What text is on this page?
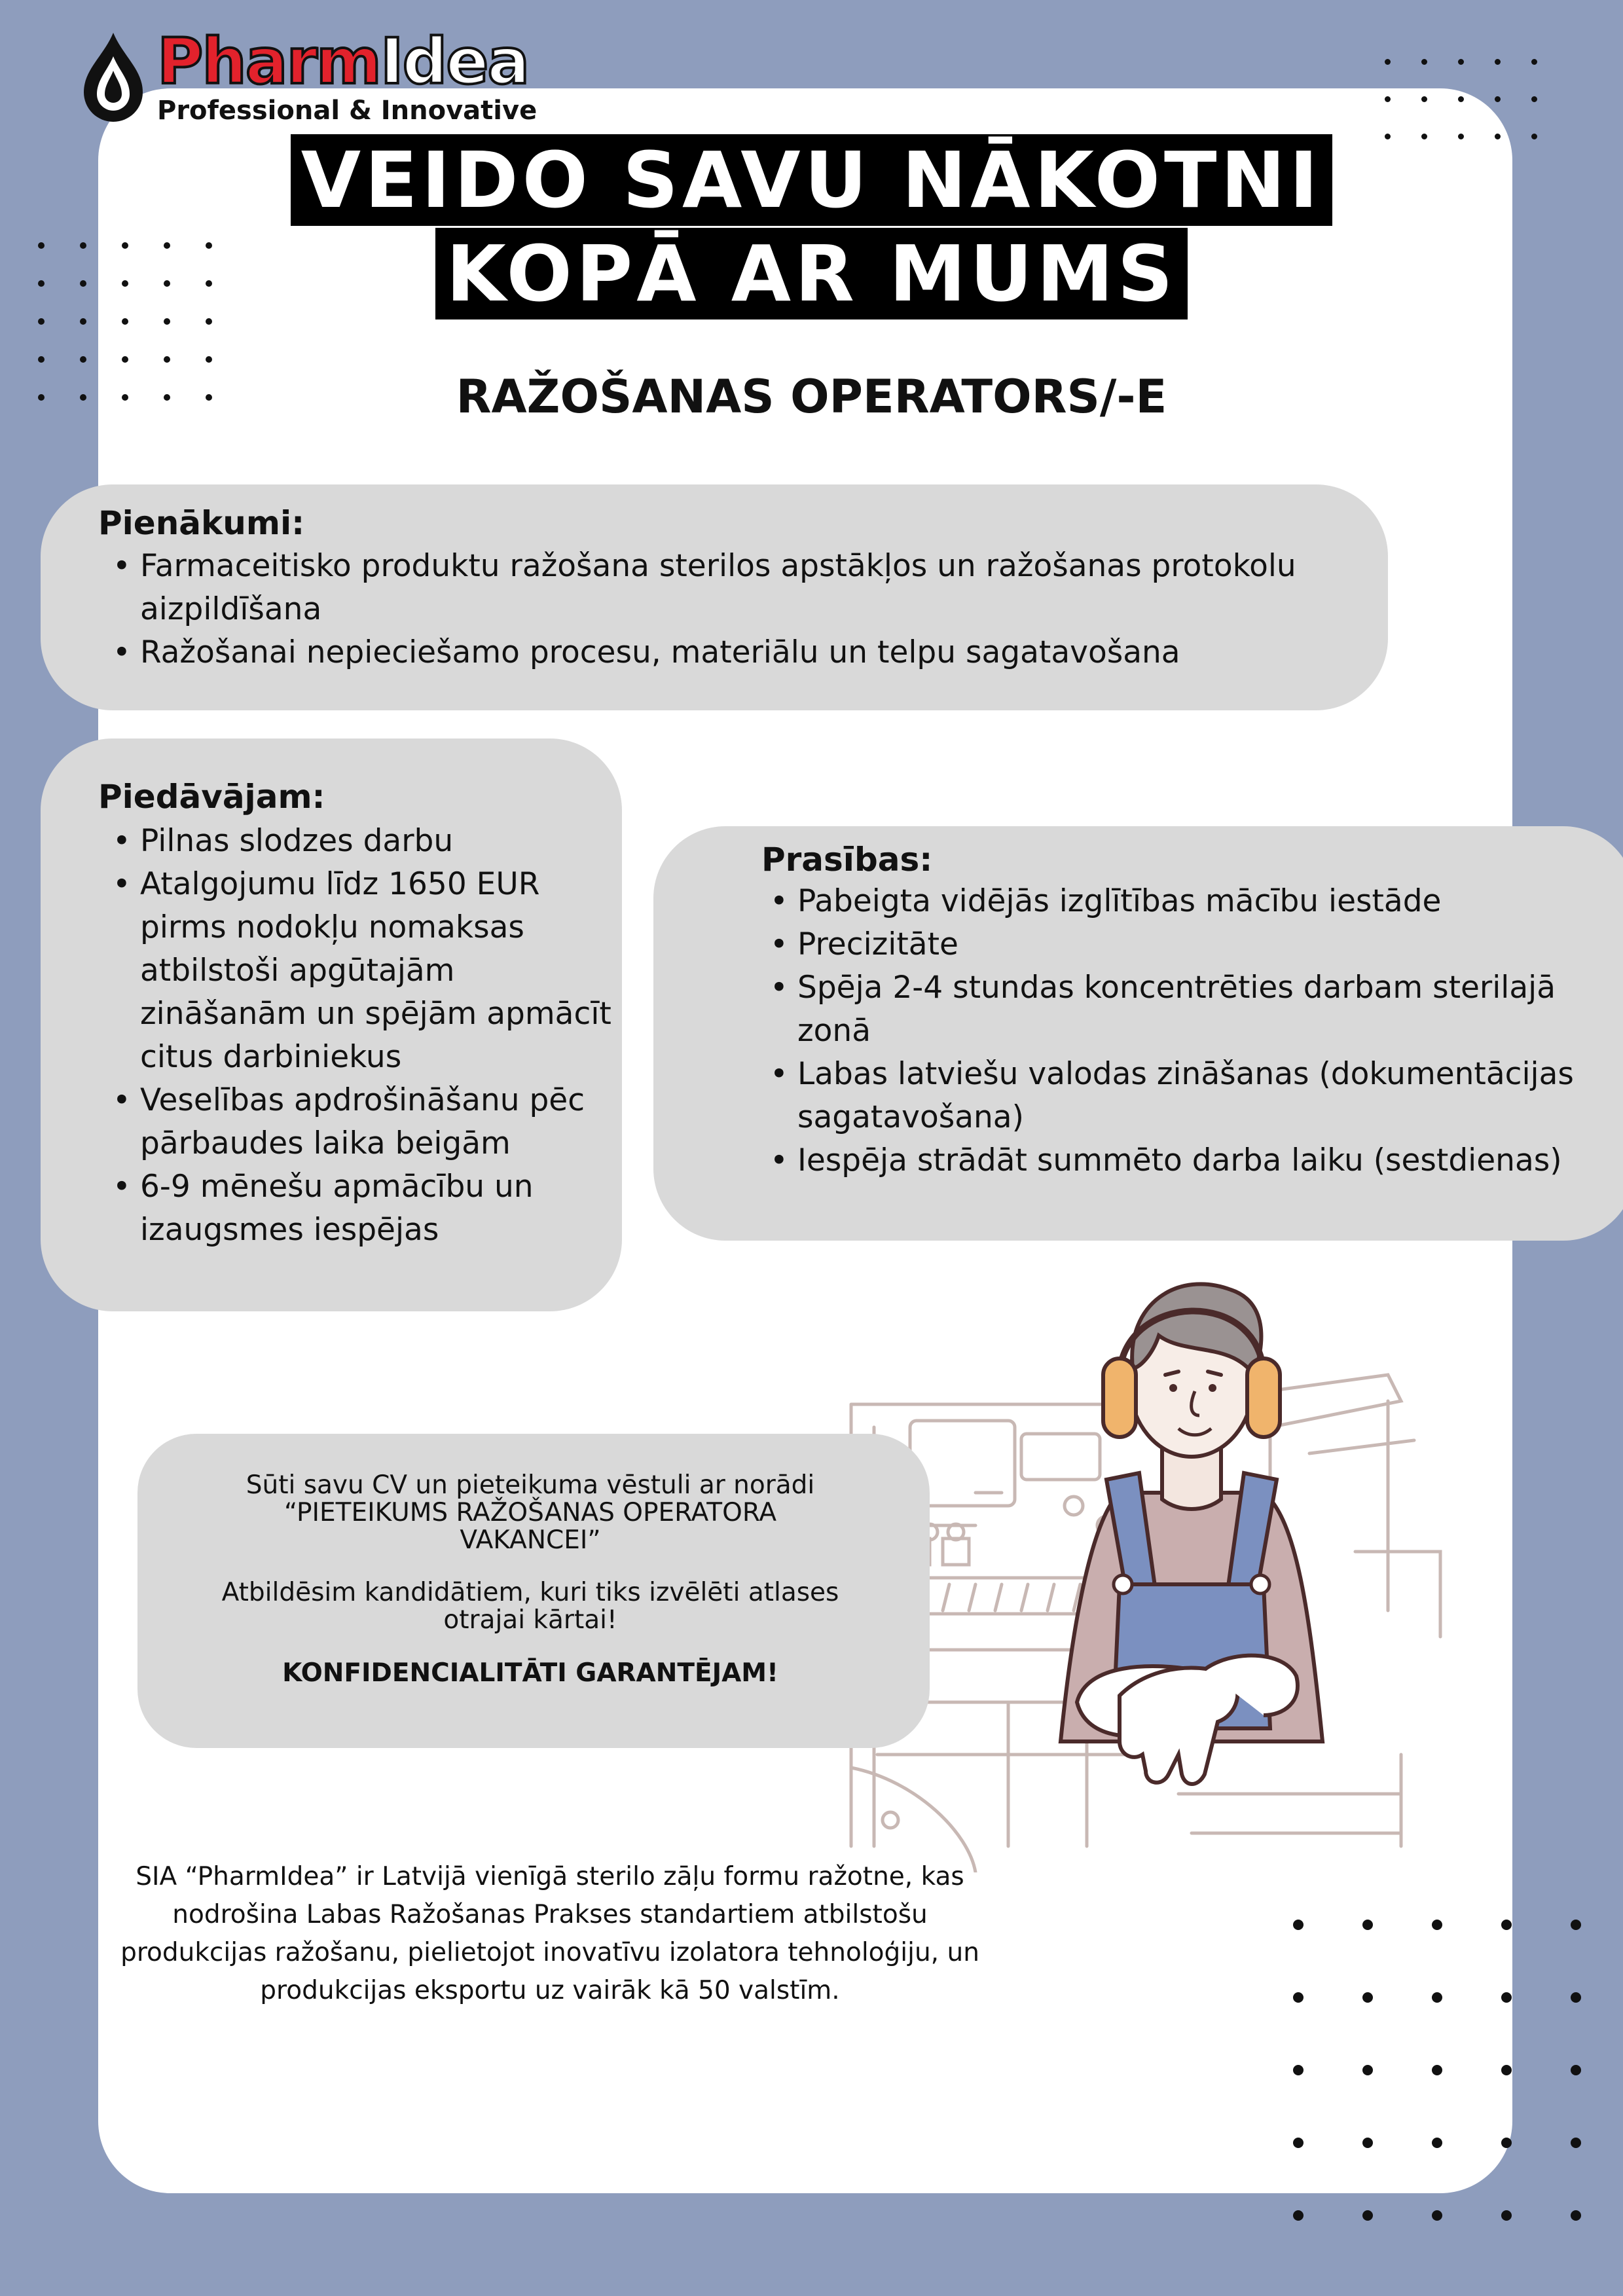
PharmIdea
Professional & Innovative
VEIDO SAVU NĀKOTNI
KOPĀ AR MUMS
RAŽOŠANAS OPERATORS/-E
Pienākumi:
• Farmaceitisko produktu ražošana sterilos apstākļos un ražošanas protokolu aizpildīšana
• Ražošanai nepieciešamo procesu, materiālu un telpu sagatavošana
Piedāvājam:
• Pilnas slodzes darbu
• Atalgojumu līdz 1650 EUR pirms nodokļu nomaksas atbilstoši apgūtajām zināšanām un spējām apmācīt citus darbiniekus
• Veselības apdrošināšanu pēc pārbaudes laika beigām
• 6-9 mēnešu apmācību un izaugsmes iespējas
Prasības:
• Pabeigta vidējās izglītības mācību iestāde
• Precizitāte
• Spēja 2-4 stundas koncentrēties darbam sterilajā zonā
• Labas latviešu valodas zināšanas (dokumentācijas sagatavošana)
• Iespēja strādāt summēto darba laiku (sestdienas)
Sūti savu CV un pieteikuma vēstuli ar norādi “PIETEIKUMS RAŽOŠANAS OPERATORA VAKANCEI”
Atbildēsim kandidātiem, kuri tiks izvēlēti atlases otrajai kārtai!
KONFIDENCIALITĀTI GARANTĒJAM!
SIA “PharmIdea” ir Latvijā vienīgā sterilo zāļu formu ražotne, kas nodrošina Labas Ražošanas Prakses standartiem atbilstošu produkcijas ražošanu, pielietojot inovatīvu izolatora tehnoloģiju, un produkcijas eksportu uz vairāk kā 50 valstīm.
